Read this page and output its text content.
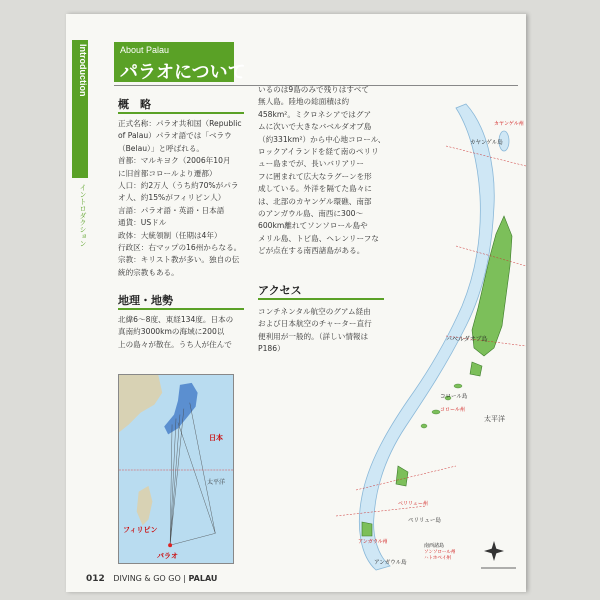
Introduction
イントロダクション
About Palau
パラオについて
概　略
正式名称：パラオ共和国（Republic
of Palau）パラオ語では「ベラウ
（Belau）」と呼ばれる。
首都：マルキヨク（2006年10月
に旧首都コロールより遷都）
人口：約2万人（うち約70%がパラ
オ人、約15%がフィリピン人）
言語：パラオ語・英語・日本語
通貨：USドル
政体：大統領制（任期は4年）
行政区：右マップの16州からなる。
宗教：キリスト教が多い。独自の伝
統的宗教もある。
地理・地勢
北緯6～8度、東経134度。日本の
真南約3000kmの海域に200以
上の島々が散在。うち人が住んで
いるのは9島のみで残りはすべて
無人島。陸地の総面積は約
458km²。ミクロネシアではグア
ムに次いで大きなバベルダオブ島
（約331km²）から中心地コロール、
ロックアイランドを経て南のペリリ
ュー島までが、長いバリアリー
フに囲まれて広大なラグーンを形
成している。外洋を隔てた島々に
は、北部のカヤンゲル環礁、南部
のアンガウル島、南西に300～
600km離れてソンソロール島や
メリル島、トビ島、ヘレンリーフな
どが点在する南西諸島がある。
アクセス
コンチネンタル航空のグアム経由
および日本航空のチャーター直行
便利用が一般的。（詳しい情報は
P186）
日本
太平洋
フィリピン
パラオ
カヤンゲル州
カヤンゲル島
バベルダオブ島
コロール島
コロール州
太平洋
ペリリュー州
ペリリュー島
アンガウル州
アンガウル島
南西諸島
ソンソロール州
ハトホベイ州
012 DIVING & GO GO | PALAU
